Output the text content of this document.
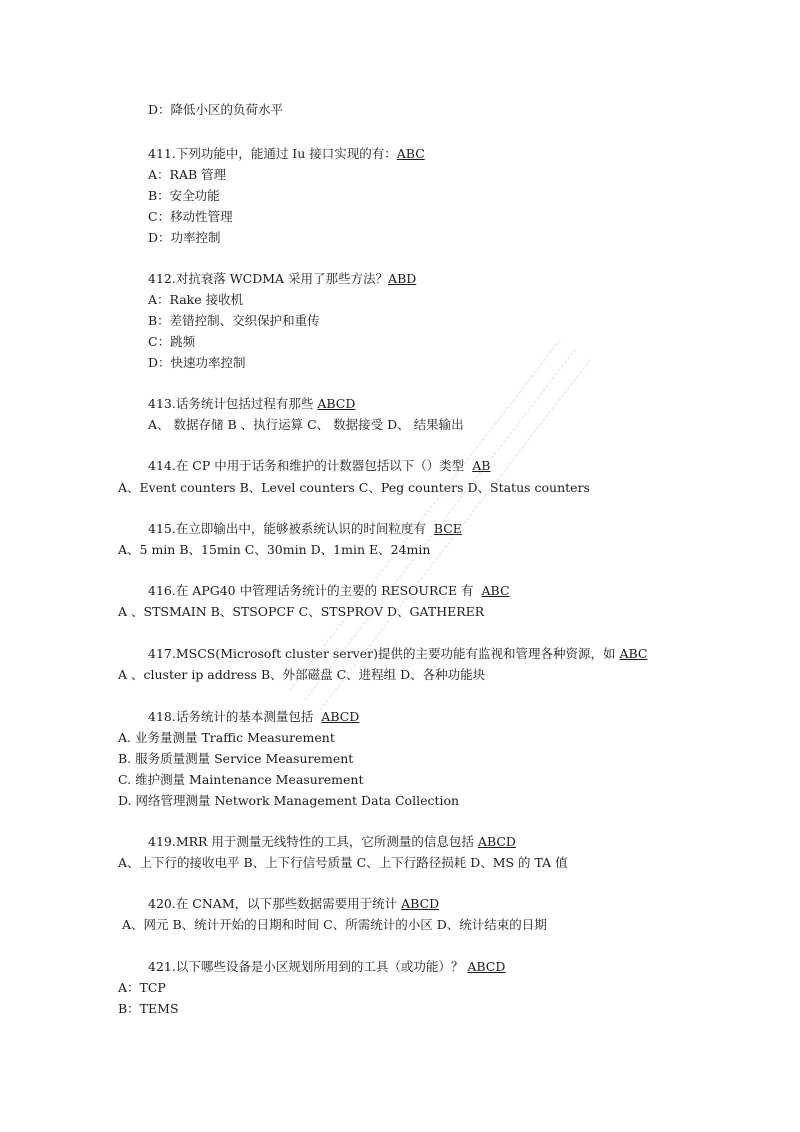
D：降低小区的负荷水平
411.下列功能中，能通过 Iu 接口实现的有：ABC
A：RAB 管理
B：安全功能
C：移动性管理
D：功率控制
412.对抗衰落 WCDMA 采用了那些方法？ABD
A：Rake 接收机
B：差错控制、交织保护和重传
C：跳频
D：快速功率控制
413.话务统计包括过程有那些 ABCD
A、 数据存储 B 、执行运算 C、 数据接受 D、 结果输出
414.在 CP 中用于话务和维护的计数器包括以下（）类型 AB
A、Event counters B、Level counters C、Peg counters D、Status counters
415.在立即输出中，能够被系统认识的时间粒度有 BCE
A、5 min B、15min C、30min D、1min E、24min
416.在 APG40 中管理话务统计的主要的 RESOURCE 有 ABC
A 、STSMAIN B、STSOPCF C、STSPROV D、GATHERER
417.MSCS(Microsoft cluster server)提供的主要功能有监视和管理各种资源，如 ABC
A 、cluster ip address B、外部磁盘 C、进程组 D、各种功能块
418.话务统计的基本测量包括 ABCD
A. 业务量测量 Traffic Measurement
B. 服务质量测量 Service Measurement
C. 维护测量 Maintenance Measurement
D. 网络管理测量 Network Management Data Collection
419.MRR 用于测量无线特性的工具，它所测量的信息包括 ABCD
A、上下行的接收电平 B、上下行信号质量 C、上下行路径损耗 D、MS 的 TA 值
420.在 CNAM，以下那些数据需要用于统计 ABCD
A、网元 B、统计开始的日期和时间 C、所需统计的小区 D、统计结束的日期
421.以下哪些设备是小区规划所用到的工具（或功能）？ ABCD
A：TCP
B：TEMS
